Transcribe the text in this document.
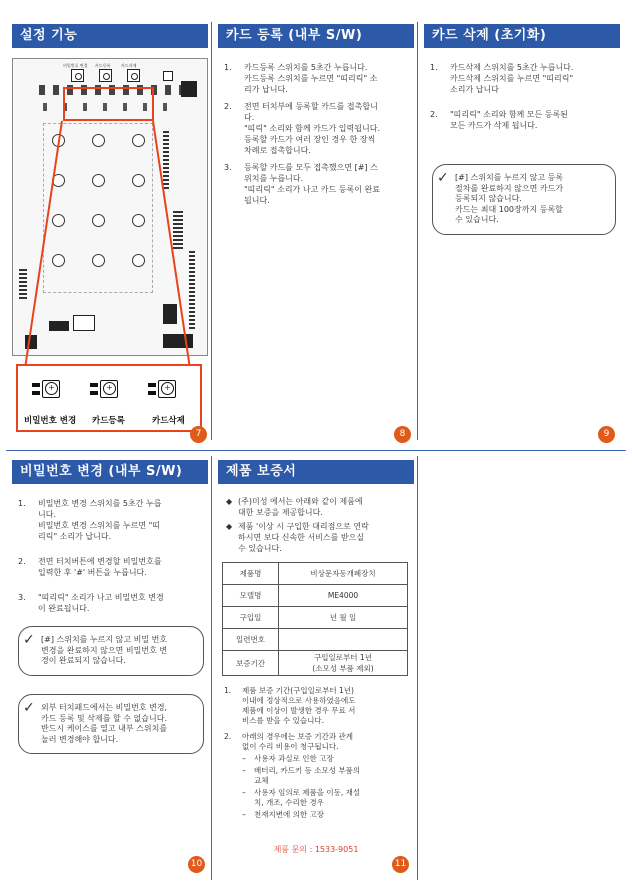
설정 기능
비밀번호 변경 카드등록	카드삭제
+
+
+
비밀번호 변경 카드등록	카드삭제
7
카드 등록 (내부 S/W)
1. 카드등록 스위치를 5초간 누릅니다.
카드등록 스위치를 누르면 "띠리릭" 소
리가 납니다.
2. 전면 터치부에 등록할 카드를 접촉합니
다.
"띠릭" 소리와 함께 카드가 입력됩니다.
등록할 카드가 여러 장인 경우 한 장씩
차례로 접촉합니다.
3. 등록할 카드를 모두 접촉했으면 [#] 스
위치를 누릅니다.
"띠리릭" 소리가 나고 카드 등록이 완료
됩니다.
8
카드 삭제 (초기화)
1. 카드삭제 스위치를 5초간 누릅니다.
카드삭제 스위치를 누르면 "띠리릭"
소리가 납니다
2. "띠리릭" 소리와 함께 모든 등록된
모든 카드가 삭제 됩니다.
✓ [#] 스위치를 누르지 않고 등록
절차를 완료하지 않으면 카드가
등록되지 않습니다.
카드는 최대 100장까지 등록할
수 있습니다.
9
비밀번호 변경 (내부 S/W)
1. 비밀번호 변경 스위치를 5초간 누릅
니다.
비밀번호 변경 스위치를 누르면 "띠
리릭" 소리가 납니다.
2. 전면 터치버튼에 변경할 비밀번호를
입력한 후 '#' 버튼을 누릅니다.
3. "띠리릭" 소리가 나고 비밀번호 변경
이 완료됩니다.
✓ [#] 스위치를 누르지 않고 비밀 번호
변경을 완료하지 않으면 비밀번호 변
경이 완료되지 않습니다.
✓ 외부 터치패드에서는 비밀번호 변경,
카드 등록 및 삭제를 할 수 없습니다.
반드시 케이스를 열고 내부 스위치를
눌러 변경해야 합니다.
10
제품 보증서
◆ (주)미성 에서는 아래와 같이 제품에
대한 보증을 제공합니다.
◆ 제품 '이상 시 구입한 대리점으로 연락
하시면 보다 신속한 서비스를 받으실
수 있습니다.
제품명	비상문자동개폐장치

모델명	ME4000

구입일	년 월 일

일련번호	

보증기간	구입일로부터 1년
(소모성 부품 제외)
1. 제품 보증 기간(구입일로부터 1년)
이내에 정상적으로 사용하였음에도
제품에 이상이 발생한 경우 무료 서
비스를 받을 수 있습니다.
2. 아래의 경우에는 보증 기간과 관계
없이 수리 비용이 청구됩니다.
– 사용자 과실로 인한 고장
– 배터리, 카드키 등 소모성 부품의
교체
– 사용자 임의로 제품을 이동, 재설
치, 개조, 수리한 경우
– 천재지변에 의한 고장
제품 문의 : 1533-9051
11
